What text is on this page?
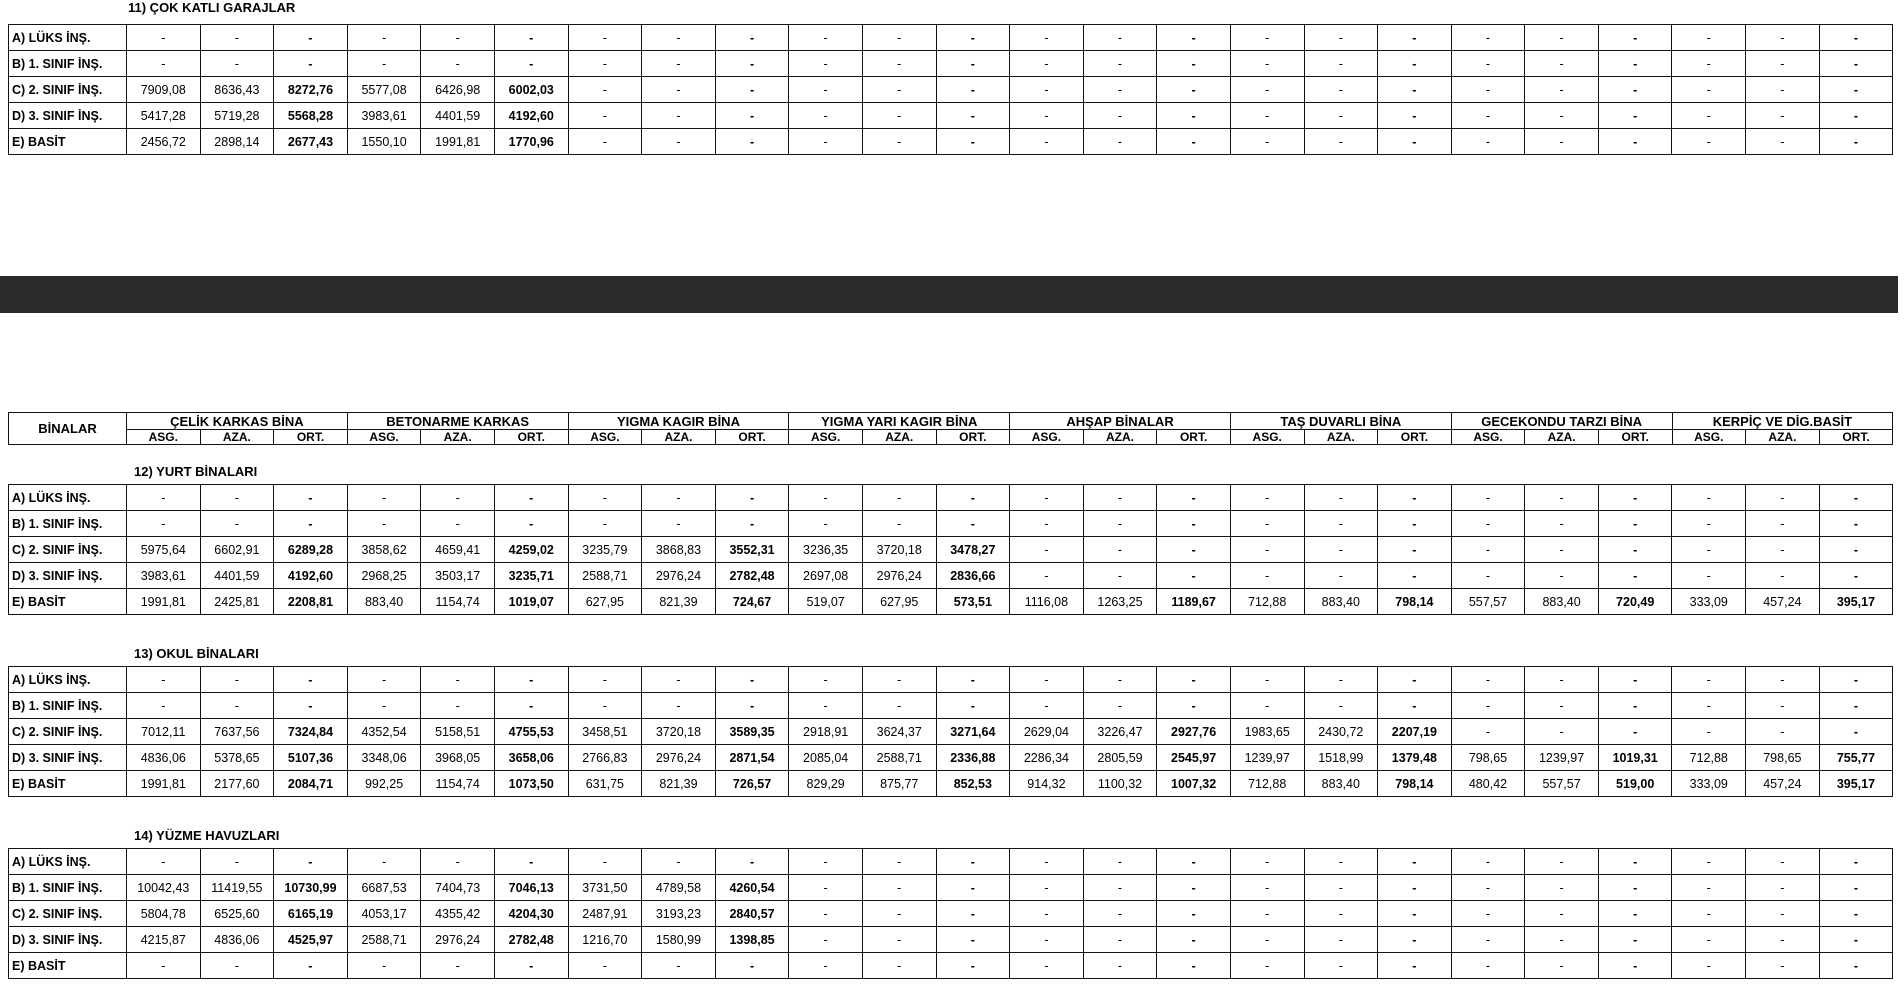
11) ÇOK KATLI GARAJLAR
A) LÜKS İNŞ.	-	-	-	-	-	-	-	-	-	-	-	-	-	-	-	-	-	-	-	-	-	-	-	-
B) 1. SINIF İNŞ.	-	-	-	-	-	-	-	-	-	-	-	-	-	-	-	-	-	-	-	-	-	-	-	-
C) 2. SINIF İNŞ.	7909,08	8636,43	8272,76	5577,08	6426,98	6002,03	-	-	-	-	-	-	-	-	-	-	-	-	-	-	-	-	-	-
D) 3. SINIF İNŞ.	5417,28	5719,28	5568,28	3983,61	4401,59	4192,60	-	-	-	-	-	-	-	-	-	-	-	-	-	-	-	-	-	-
E) BASİT	2456,72	2898,14	2677,43	1550,10	1991,81	1770,96	-	-	-	-	-	-	-	-	-	-	-	-	-	-	-	-	-	-
BİNALAR	ÇELİK KARKAS BİNA			BETONARME KARKAS			YIGMA KAGIR BİNA			YIGMA YARI KAGIR BİNA			AHŞAP BİNALAR			TAŞ DUVARLI BİNA			GECEKONDU TARZI BİNA			KERPİÇ VE DİG.BASİT		
	ASG.	AZA.	ORT.	ASG.	AZA.	ORT.	ASG.	AZA.	ORT.	ASG.	AZA.	ORT.	ASG.	AZA.	ORT.	ASG.	AZA.	ORT.	ASG.	AZA.	ORT.	ASG.	AZA.	ORT.
12) YURT BİNALARI
A) LÜKS İNŞ.	-	-	-	-	-	-	-	-	-	-	-	-	-	-	-	-	-	-	-	-	-	-	-	-
B) 1. SINIF İNŞ.	-	-	-	-	-	-	-	-	-	-	-	-	-	-	-	-	-	-	-	-	-	-	-	-
C) 2. SINIF İNŞ.	5975,64	6602,91	6289,28	3858,62	4659,41	4259,02	3235,79	3868,83	3552,31	3236,35	3720,18	3478,27	-	-	-	-	-	-	-	-	-	-	-	-
D) 3. SINIF İNŞ.	3983,61	4401,59	4192,60	2968,25	3503,17	3235,71	2588,71	2976,24	2782,48	2697,08	2976,24	2836,66	-	-	-	-	-	-	-	-	-	-	-	-
E) BASİT	1991,81	2425,81	2208,81	883,40	1154,74	1019,07	627,95	821,39	724,67	519,07	627,95	573,51	1116,08	1263,25	1189,67	712,88	883,40	798,14	557,57	883,40	720,49	333,09	457,24	395,17
13) OKUL BİNALARI
A) LÜKS İNŞ.	-	-	-	-	-	-	-	-	-	-	-	-	-	-	-	-	-	-	-	-	-	-	-	-
B) 1. SINIF İNŞ.	-	-	-	-	-	-	-	-	-	-	-	-	-	-	-	-	-	-	-	-	-	-	-	-
C) 2. SINIF İNŞ.	7012,11	7637,56	7324,84	4352,54	5158,51	4755,53	3458,51	3720,18	3589,35	2918,91	3624,37	3271,64	2629,04	3226,47	2927,76	1983,65	2430,72	2207,19	-	-	-	-	-	-
D) 3. SINIF İNŞ.	4836,06	5378,65	5107,36	3348,06	3968,05	3658,06	2766,83	2976,24	2871,54	2085,04	2588,71	2336,88	2286,34	2805,59	2545,97	1239,97	1518,99	1379,48	798,65	1239,97	1019,31	712,88	798,65	755,77
E) BASİT	1991,81	2177,60	2084,71	992,25	1154,74	1073,50	631,75	821,39	726,57	829,29	875,77	852,53	914,32	1100,32	1007,32	712,88	883,40	798,14	480,42	557,57	519,00	333,09	457,24	395,17
14) YÜZME HAVUZLARI
A) LÜKS İNŞ.	-	-	-	-	-	-	-	-	-	-	-	-	-	-	-	-	-	-	-	-	-	-	-	-
B) 1. SINIF İNŞ.	10042,43	11419,55	10730,99	6687,53	7404,73	7046,13	3731,50	4789,58	4260,54	-	-	-	-	-	-	-	-	-	-	-	-	-	-	-
C) 2. SINIF İNŞ.	5804,78	6525,60	6165,19	4053,17	4355,42	4204,30	2487,91	3193,23	2840,57	-	-	-	-	-	-	-	-	-	-	-	-	-	-	-
D) 3. SINIF İNŞ.	4215,87	4836,06	4525,97	2588,71	2976,24	2782,48	1216,70	1580,99	1398,85	-	-	-	-	-	-	-	-	-	-	-	-	-	-	-
E) BASİT	-	-	-	-	-	-	-	-	-	-	-	-	-	-	-	-	-	-	-	-	-	-	-	-
